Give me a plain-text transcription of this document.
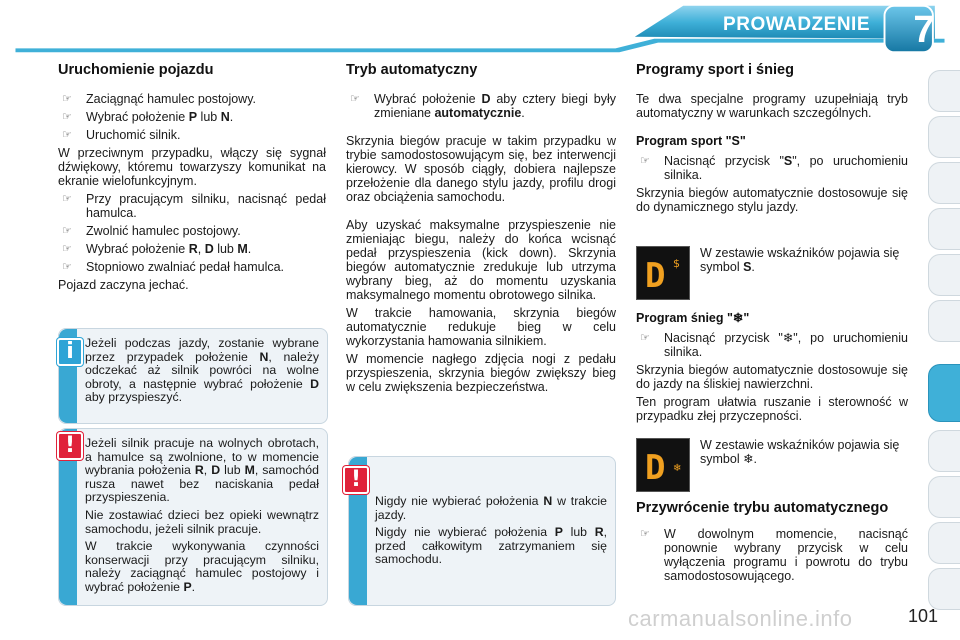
PROWADZENIE	7
Uruchomienie pojazdu
☞ Zaciągnąć hamulec postojowy.
☞ Wybrać położenie P lub N.
☞ Uruchomić silnik.

W przeciwnym przypadku, włączy się sygnał dźwiękowy, któremu towarzyszy komunikat na ekranie wielofunkcyjnym.

☞ Przy pracującym silniku, nacisnąć pedał hamulca.
☞ Zwolnić hamulec postojowy.
☞ Wybrać położenie R, D lub M.
☞ Stopniowo zwalniać pedał hamulca.

Pojazd zaczyna jechać.

Jeżeli podczas jazdy, zostanie wybrane przez przypadek położenie N, należy odczekać aż silnik powróci na wolne obroty, a następnie wybrać położenie D aby przyspieszyć.

i

Jeżeli silnik pracuje na wolnych obrotach, a hamulce są zwolnione, to w momencie wybrania położenia R, D lub M, samochód rusza nawet bez naciskania pedał przyspieszenia.

Nie zostawiać dzieci bez opieki wewnątrz samochodu, jeżeli silnik pracuje.

W trakcie wykonywania czynności konserwacji przy pracującym silniku, należy zaciągnąć hamulec postojowy i wybrać położenie P.

!
Tryb automatyczny
☞ Wybrać położenie D aby cztery biegi były zmieniane automatycznie.

Skrzynia biegów pracuje w takim przypadku w trybie samodostosowującym się, bez interwencji kierowcy. W sposób ciągły, dobiera najlepsze przełożenie dla danego stylu jazdy, profilu drogi oraz obciążenia samochodu.

Aby uzyskać maksymalne przyspieszenie nie zmieniając biegu, należy do końca wcisnąć pedał przyspieszenia (kick down). Skrzynia biegów automatycznie zredukuje lub utrzyma wybrany bieg, aż do momentu uzyskania maksymalnego momentu obrotowego silnika.

W trakcie hamowania, skrzynia biegów automatycznie redukuje bieg w celu wykorzystania hamowania silnikiem.

W momencie nagłego zdjęcia nogi z pedału przyspieszenia, skrzynia biegów zwiększy bieg w celu zwiększenia bezpieczeństwa.

Nigdy nie wybierać położenia N w trakcie jazdy.

Nigdy nie wybierać położenia P lub R, przed całkowitym zatrzymaniem się samochodu.

!
Programy sport i śnieg

Te dwa specjalne programy uzupełniają tryb automatyczny w warunkach szczególnych.

Program sport "S"
☞ Nacisnąć przycisk "S", po uruchomieniu silnika.

Skrzynia biegów automatycznie dostosowuje się do dynamicznego stylu jazdy.

D $

W zestawie wskaźników pojawia się symbol S.

Program śnieg "❄"
☞ Nacisnąć przycisk "❄", po uruchomieniu silnika.

Skrzynia biegów automatycznie dostosowuje się do jazdy na śliskiej nawierzchni.

Ten program ułatwia ruszanie i sterowność w przypadku złej przyczepności.

D ❄

W zestawie wskaźników pojawia się symbol ❄.

Przywrócenie trybu automatycznego
☞ W dowolnym momencie, nacisnąć ponownie wybrany przycisk w celu wyłączenia programu i powrotu do trybu samodostosowującego.
carmanualsonline.info	101
